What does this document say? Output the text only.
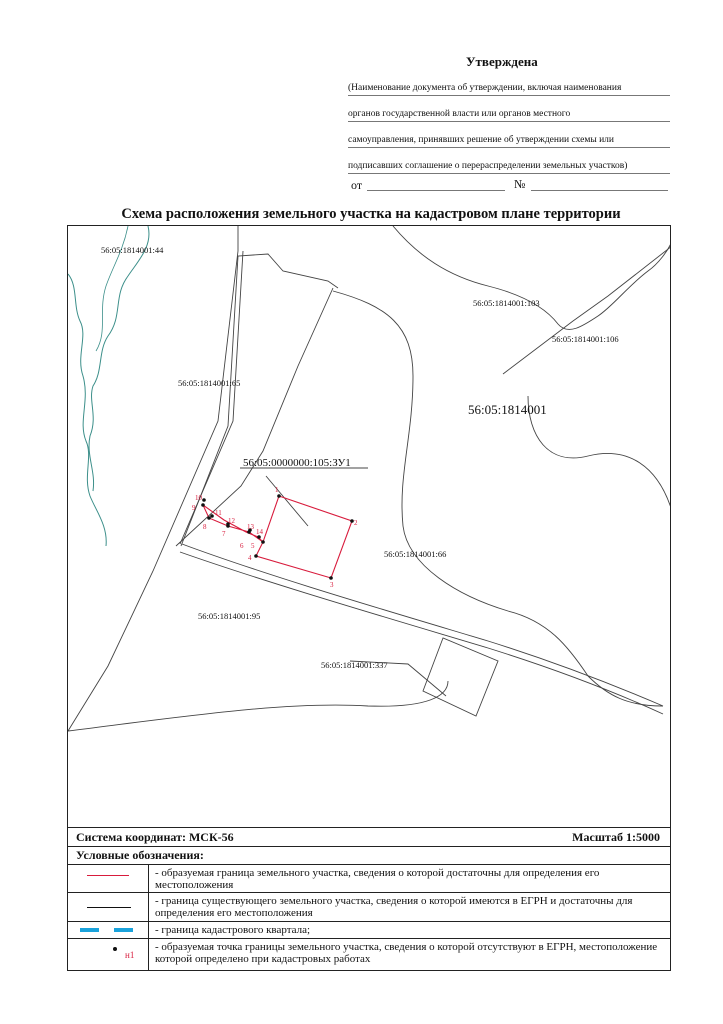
Утверждена
(Наименование документа об утверждении, включая наименования
органов государственной власти или органов местного
самоуправления, принявших решение об утверждении схемы или
подписавших соглашение о перераспределении земельных участков)
от	№
Схема расположения земельного участка на кадастровом плане территории
1
2
3
4
5
6
7
8
9
10
11
12
13
14
56:05:1814001:44
56:05:1814001:103
56:05:1814001:106
56:05:1814001:65
56:05:1814001
56:05:0000000:105:ЗУ1
56:05:1814001:66
56:05:1814001:95
56:05:1814001:337
Система координат: МСК-56	Масштаб 1:5000
Условные обозначения:
- образуемая граница земельного участка, сведения о которой достаточны для определения его местоположения
- граница существующего земельного участка, сведения о которой имеются в ЕГРН и достаточны для определения его местоположения
- граница кадастрового квартала;
н1
- образуемая точка границы земельного участка, сведения о которой отсутствуют в ЕГРН, местоположение которой определено при кадастровых работах
